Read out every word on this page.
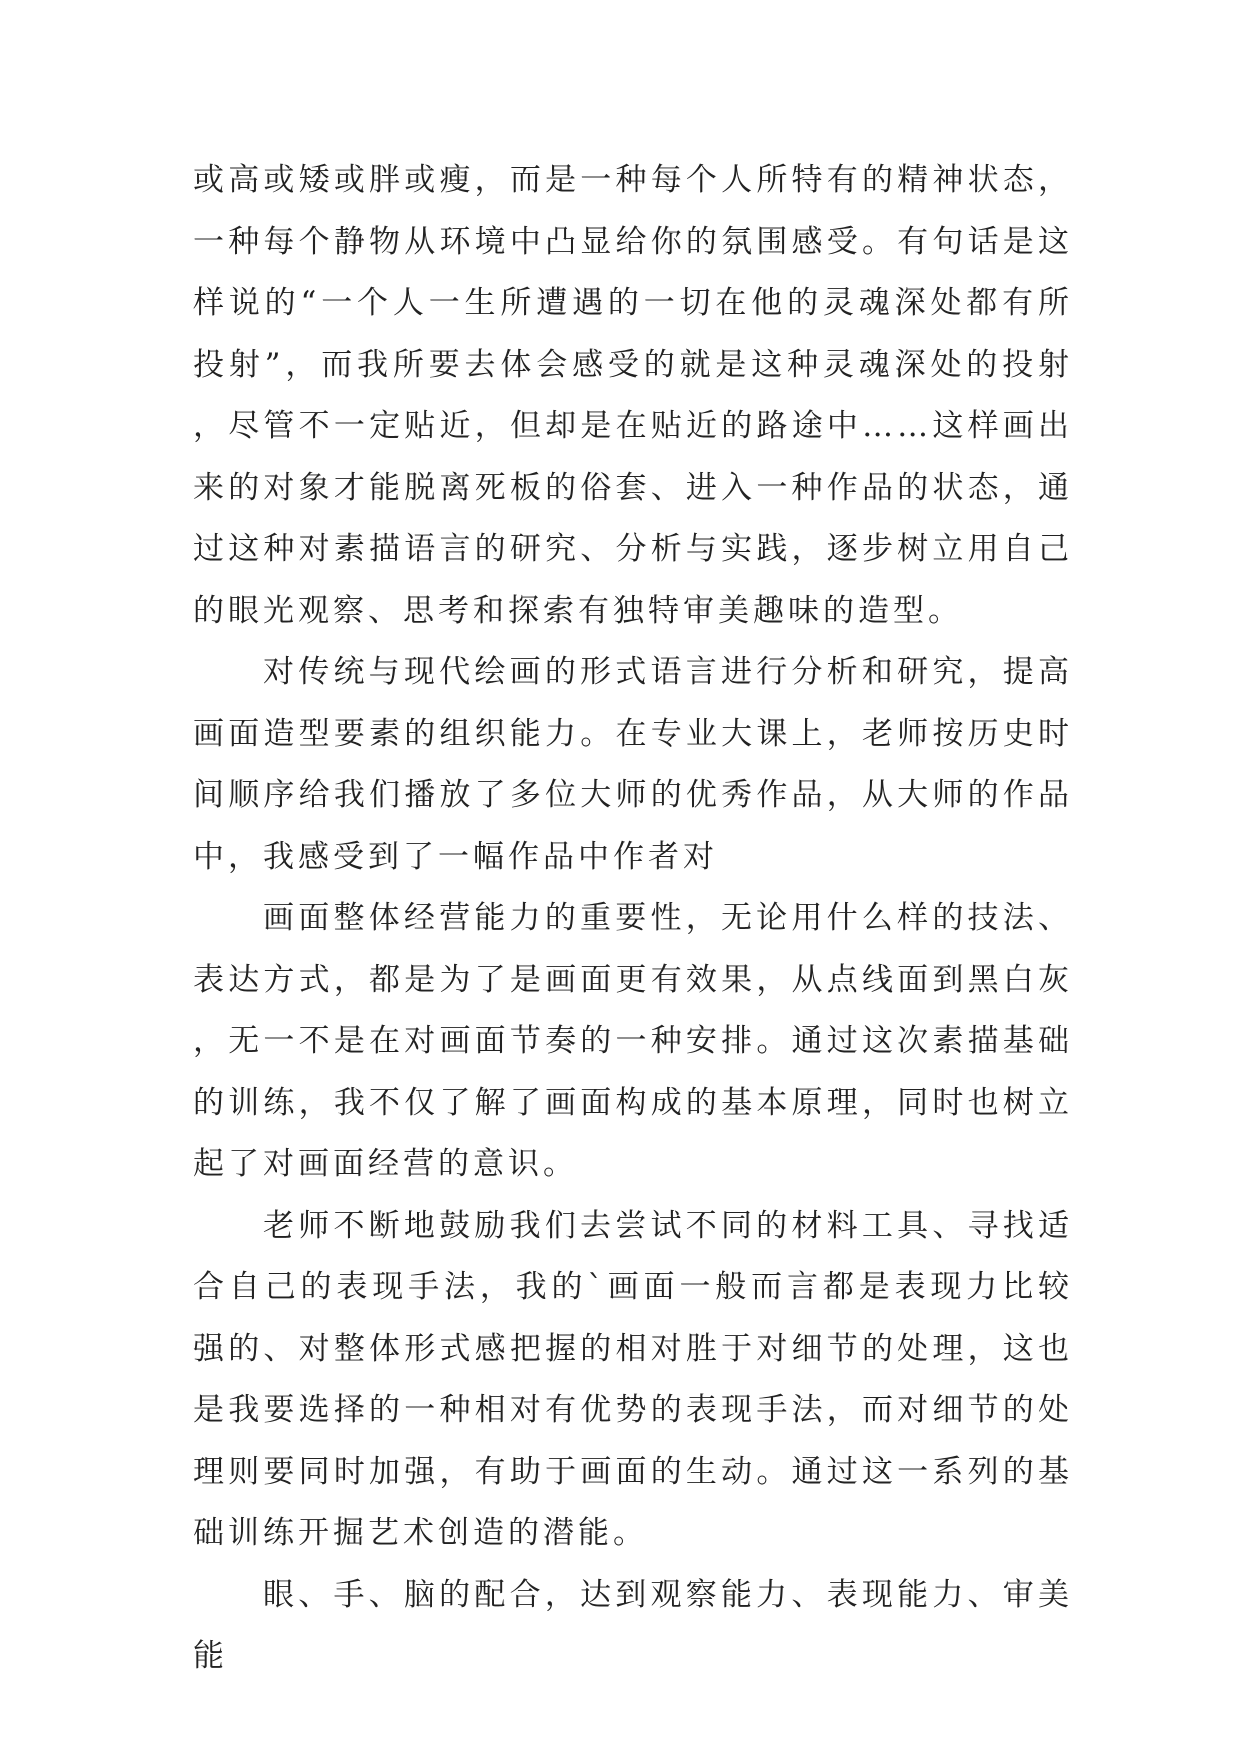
或高或矮或胖或瘦，而是一种每个人所特有的精神状态，一种每个静物从环境中凸显给你的氛围感受。有句话是这样说的“一个人一生所遭遇的一切在他的灵魂深处都有所投射”，而我所要去体会感受的就是这种灵魂深处的投射，尽管不一定贴近，但却是在贴近的路途中……这样画出来的对象才能脱离死板的俗套、进入一种作品的状态，通过这种对素描语言的研究、分析与实践，逐步树立用自己的眼光观察、思考和探索有独特审美趣味的造型。

对传统与现代绘画的形式语言进行分析和研究，提高画面造型要素的组织能力。在专业大课上，老师按历史时间顺序给我们播放了多位大师的优秀作品，从大师的作品中，我感受到了一幅作品中作者对

画面整体经营能力的重要性，无论用什么样的技法、表达方式，都是为了是画面更有效果，从点线面到黑白灰，无一不是在对画面节奏的一种安排。通过这次素描基础的训练，我不仅了解了画面构成的基本原理，同时也树立起了对画面经营的意识。

老师不断地鼓励我们去尝试不同的材料工具、寻找适合自己的表现手法，我的`画面一般而言都是表现力比较强的、对整体形式感把握的相对胜于对细节的处理，这也是我要选择的一种相对有优势的表现手法，而对细节的处理则要同时加强，有助于画面的生动。通过这一系列的基础训练开掘艺术创造的潜能。

眼、手、脑的配合，达到观察能力、表现能力、审美能
